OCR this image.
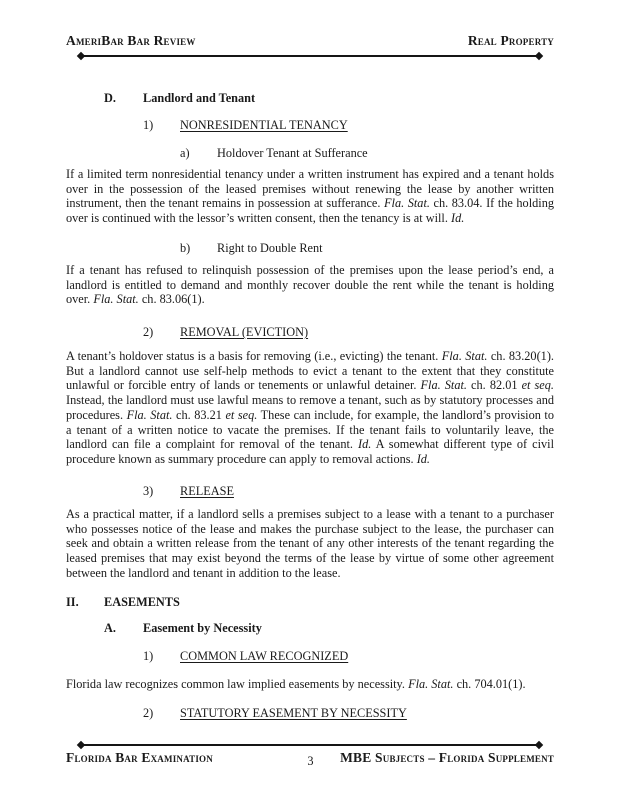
AmeriBar Bar Review	Real Property
D. Landlord and Tenant
1) NONRESIDENTIAL TENANCY
a) Holdover Tenant at Sufferance

If a limited term nonresidential tenancy under a written instrument has expired and a tenant holds over in the possession of the leased premises without renewing the lease by another written instrument, then the tenant remains in possession at sufferance. Fla. Stat. ch. 83.04. If the holding over is continued with the lessor’s written consent, then the tenancy is at will. Id.

b) Right to Double Rent

If a tenant has refused to relinquish possession of the premises upon the lease period’s end, a landlord is entitled to demand and monthly recover double the rent while the tenant is holding over. Fla. Stat. ch. 83.06(1).

2) REMOVAL (EVICTION)

A tenant’s holdover status is a basis for removing (i.e., evicting) the tenant. Fla. Stat. ch. 83.20(1). But a landlord cannot use self-help methods to evict a tenant to the extent that they constitute unlawful or forcible entry of lands or tenements or unlawful detainer. Fla. Stat. ch. 82.01 et seq. Instead, the landlord must use lawful means to remove a tenant, such as by statutory processes and procedures. Fla. Stat. ch. 83.21 et seq. These can include, for example, the landlord’s provision to a tenant of a written notice to vacate the premises. If the tenant fails to voluntarily leave, the landlord can file a complaint for removal of the tenant. Id. A somewhat different type of civil procedure known as summary procedure can apply to removal actions. Id.

3) RELEASE

As a practical matter, if a landlord sells a premises subject to a lease with a tenant to a purchaser who possesses notice of the lease and makes the purchase subject to the lease, the purchaser can seek and obtain a written release from the tenant of any other interests of the tenant regarding the leased premises that may exist beyond the terms of the lease by virtue of some other agreement between the landlord and tenant in addition to the lease.

II. EASEMENTS
A. Easement by Necessity
1) COMMON LAW RECOGNIZED

Florida law recognizes common law implied easements by necessity. Fla. Stat. ch. 704.01(1).

2) STATUTORY EASEMENT BY NECESSITY
Florida Bar Examination	MBE Subjects – Florida Supplement
3
